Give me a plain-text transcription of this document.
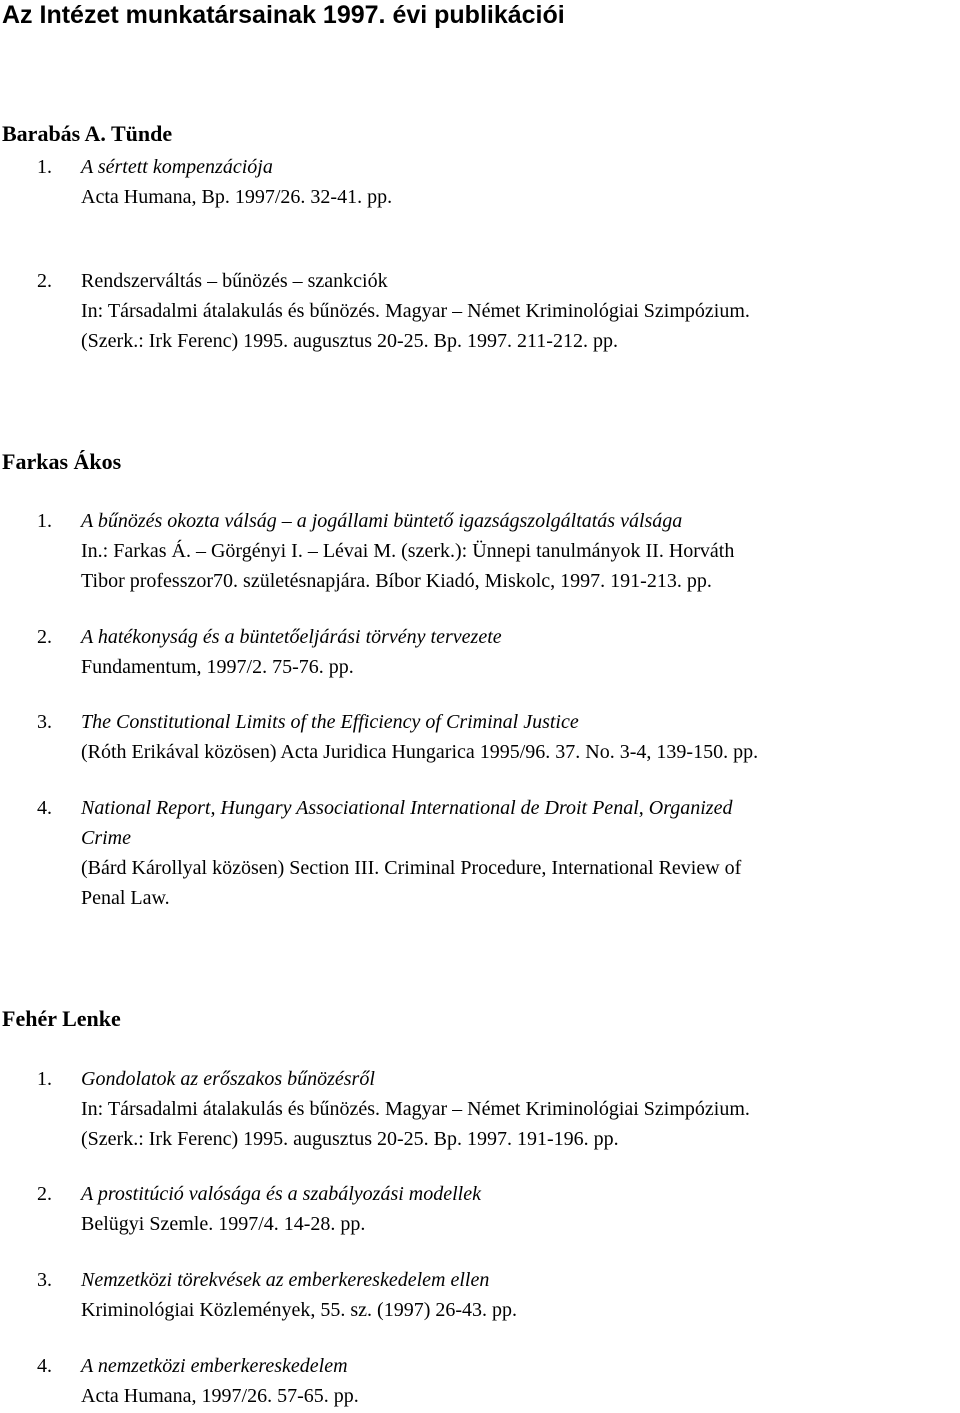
Az Intézet munkatársainak 1997. évi publikációi
Barabás A. Tünde
1. A sértett kompenzációja
Acta Humana, Bp. 1997/26. 32-41. pp.
2. Rendszerváltás – bűnözés – szankciók
In: Társadalmi átalakulás és bűnözés. Magyar – Német Kriminológiai Szimpózium.
(Szerk.: Irk Ferenc) 1995. augusztus 20-25. Bp. 1997. 211-212. pp.
Farkas Ákos
1. A bűnözés okozta válság – a jogállami büntető igazságszolgáltatás válsága
In.: Farkas Á. – Görgényi I. – Lévai M. (szerk.): Ünnepi tanulmányok II. Horváth
Tibor professzor70. születésnapjára. Bíbor Kiadó, Miskolc, 1997. 191-213. pp.
2. A hatékonyság és a büntetőeljárási törvény tervezete
Fundamentum, 1997/2. 75-76. pp.
3. The Constitutional Limits of the Efficiency of Criminal Justice
(Róth Erikával közösen) Acta Juridica Hungarica 1995/96. 37. No. 3-4, 139-150. pp.
4. National Report, Hungary Associational International de Droit Penal, Organized
Crime
(Bárd Károllyal közösen) Section III. Criminal Procedure, International Review of
Penal Law.
Fehér Lenke
1. Gondolatok az erőszakos bűnözésről
In: Társadalmi átalakulás és bűnözés. Magyar – Német Kriminológiai Szimpózium.
(Szerk.: Irk Ferenc) 1995. augusztus 20-25. Bp. 1997. 191-196. pp.
2. A prostitúció valósága és a szabályozási modellek
Belügyi Szemle. 1997/4. 14-28. pp.
3. Nemzetközi törekvések az emberkereskedelem ellen
Kriminológiai Közlemények, 55. sz. (1997) 26-43. pp.
4. A nemzetközi emberkereskedelem
Acta Humana, 1997/26. 57-65. pp.
